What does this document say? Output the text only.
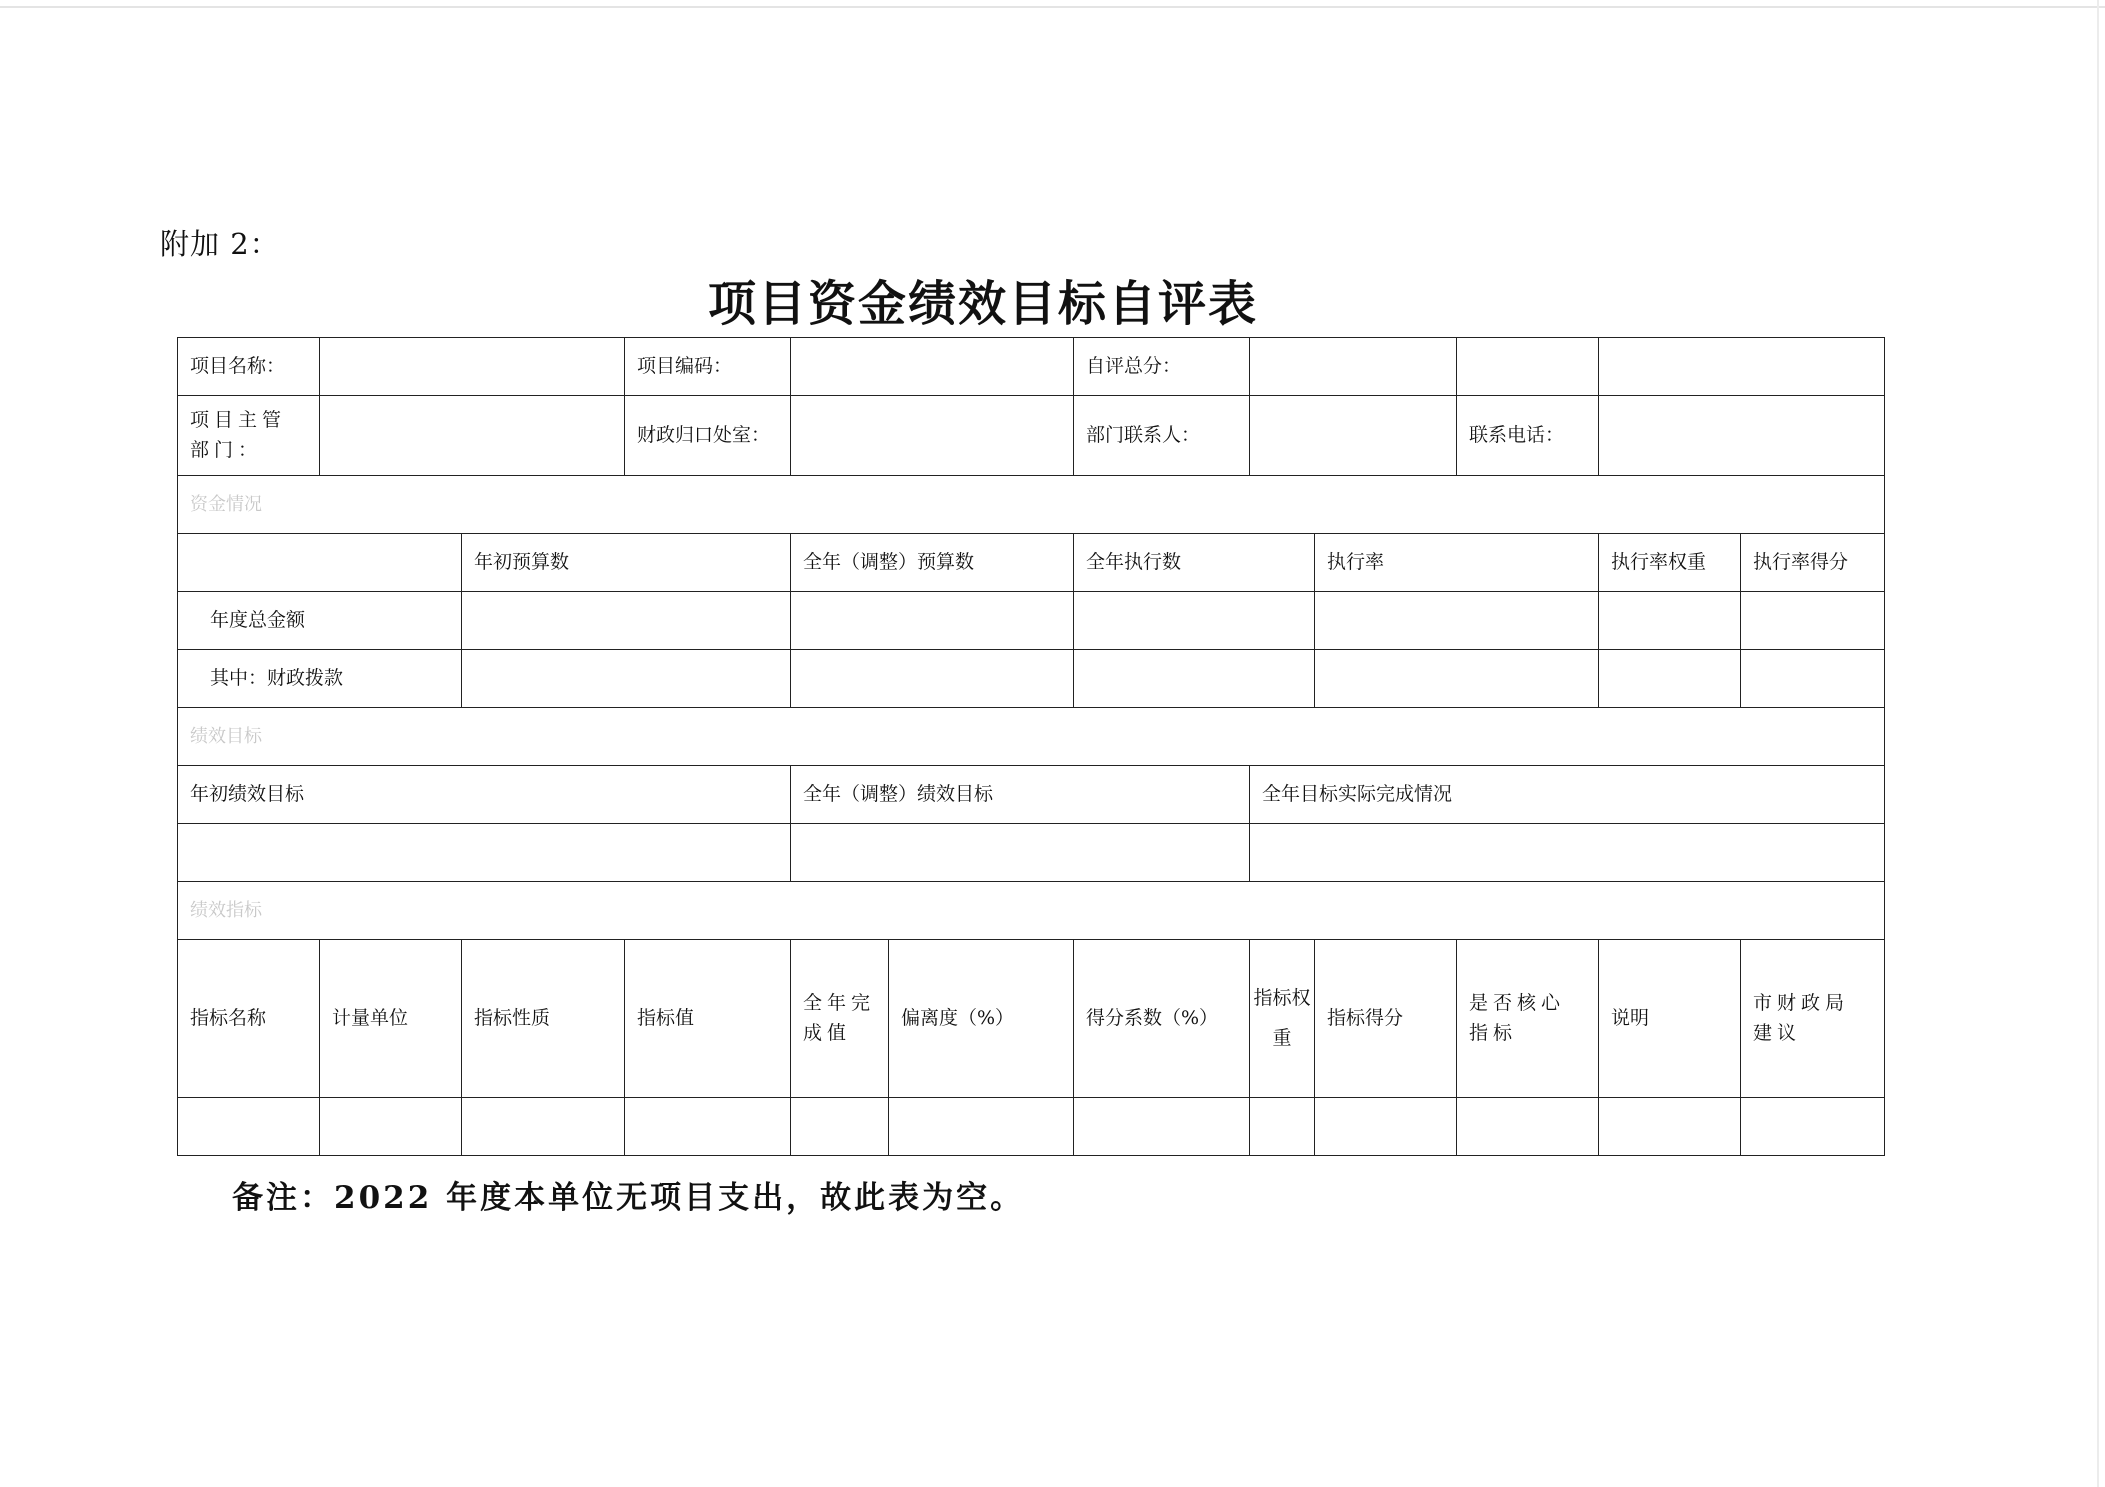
附加 2：
项目资金绩效目标自评表
项目名称：			项目编码：			自评总分：					
项目主管部门：			财政归口处室：			部门联系人：			联系电话：		
资金情况											
		年初预算数		全年（调整）预算数		全年执行数		执行率		执行率权重	执行率得分
年度总金额											
其中：财政拨款											
绩效目标											
年初绩效目标				全年（调整）绩效目标			全年目标实际完成情况				

绩效指标											
指标名称	计量单位	指标性质	指标值	全年完成值	偏离度（%）	得分系数（%）	指标权重	指标得分	是否核心指标	说明	市财政局建议

备注：2022 年度本单位无项目支出，故此表为空。
